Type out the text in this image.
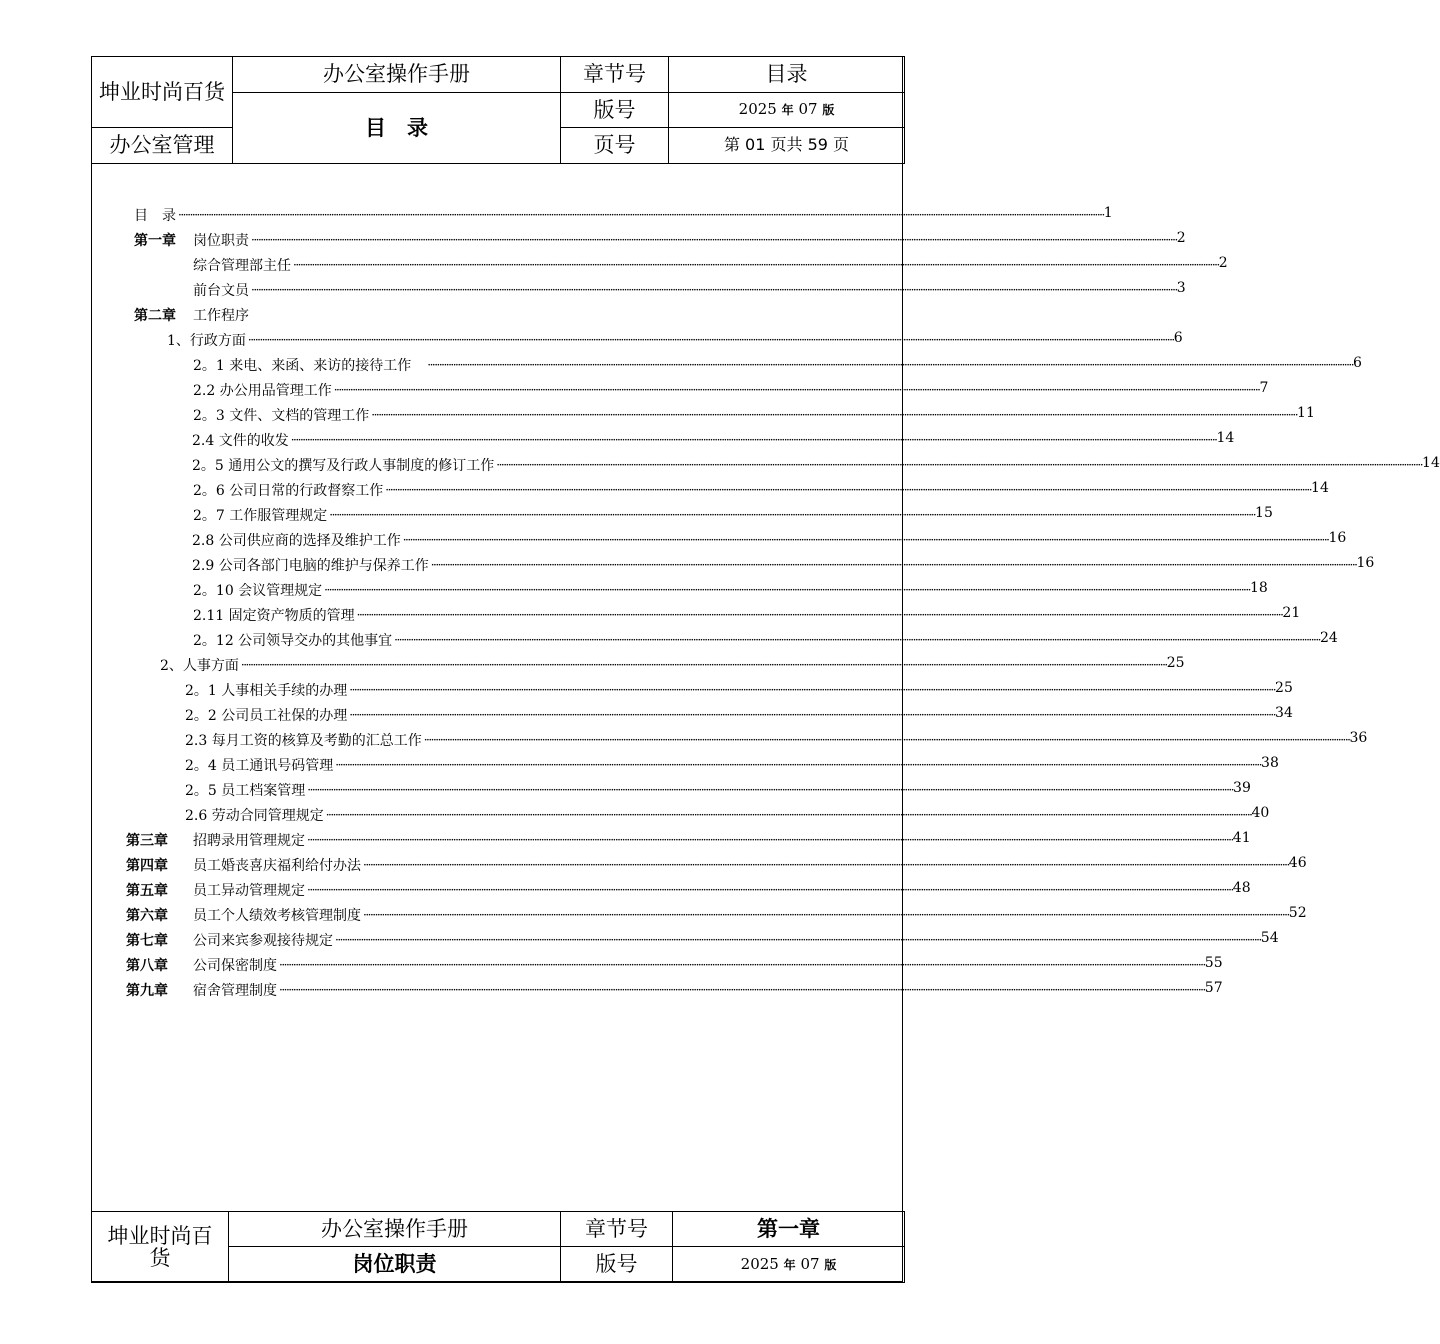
坤业时尚百货	办公室操作手册	章节号	目录
	目　录	版号	2025 年 07 版
办公室管理		页号	第 01 页共 59 页
目　录 ················································································································································································································································································································································································································ 1
第一章 岗位职责 ················································································································································································································································································································································································································ 2
综合管理部主任 ················································································································································································································································································································································································································ 2
前台文员 ················································································································································································································································································································································································································ 3
第二章 工作程序
1、行政方面 ················································································································································································································································································································································································································ 6
2。1 来电、来函、来访的接待工作　 ················································································································································································································································································································································································································ 6
2.2 办公用品管理工作 ················································································································································································································································································································································································································ 7
2。3 文件、文档的管理工作 ················································································································································································································································································································································································································ 11
2.4 文件的收发 ················································································································································································································································································································································································································ 14
2。5 通用公文的撰写及行政人事制度的修订工作 ················································································································································································································································································································································································································ 14
2。6 公司日常的行政督察工作 ················································································································································································································································································································································································································ 14
2。7 工作服管理规定 ················································································································································································································································································································································································································ 15
2.8 公司供应商的选择及维护工作 ················································································································································································································································································································································································································ 16
2.9 公司各部门电脑的维护与保养工作 ················································································································································································································································································································································································································ 16
2。10 会议管理规定 ················································································································································································································································································································································································································ 18
2.11 固定资产物质的管理 ················································································································································································································································································································································································································ 21
2。12 公司领导交办的其他事宜 ················································································································································································································································································································································································································ 24
2、人事方面 ················································································································································································································································································································································································································ 25
2。1 人事相关手续的办理 ················································································································································································································································································································································································································ 25
2。2 公司员工社保的办理 ················································································································································································································································································································································································································ 34
2.3 每月工资的核算及考勤的汇总工作 ················································································································································································································································································································································································································ 36
2。4 员工通讯号码管理 ················································································································································································································································································································································································································ 38
2。5 员工档案管理 ················································································································································································································································································································································································································ 39
2.6 劳动合同管理规定 ················································································································································································································································································································································································································ 40
第三章 招聘录用管理规定 ················································································································································································································································································································································································································ 41
第四章 员工婚丧喜庆福利给付办法 ················································································································································································································································································································································································································ 46
第五章 员工异动管理规定 ················································································································································································································································································································································································································ 48
第六章 员工个人绩效考核管理制度 ················································································································································································································································································································································································································ 52
第七章 公司来宾参观接待规定 ················································································································································································································································································································································································································ 54
第八章 公司保密制度 ················································································································································································································································································································································································································ 55
第九章 宿舍管理制度 ················································································································································································································································································································································································································ 57
坤业时尚百货	办公室操作手册	章节号	第一章
	岗位职责	版号	2025 年 07 版
